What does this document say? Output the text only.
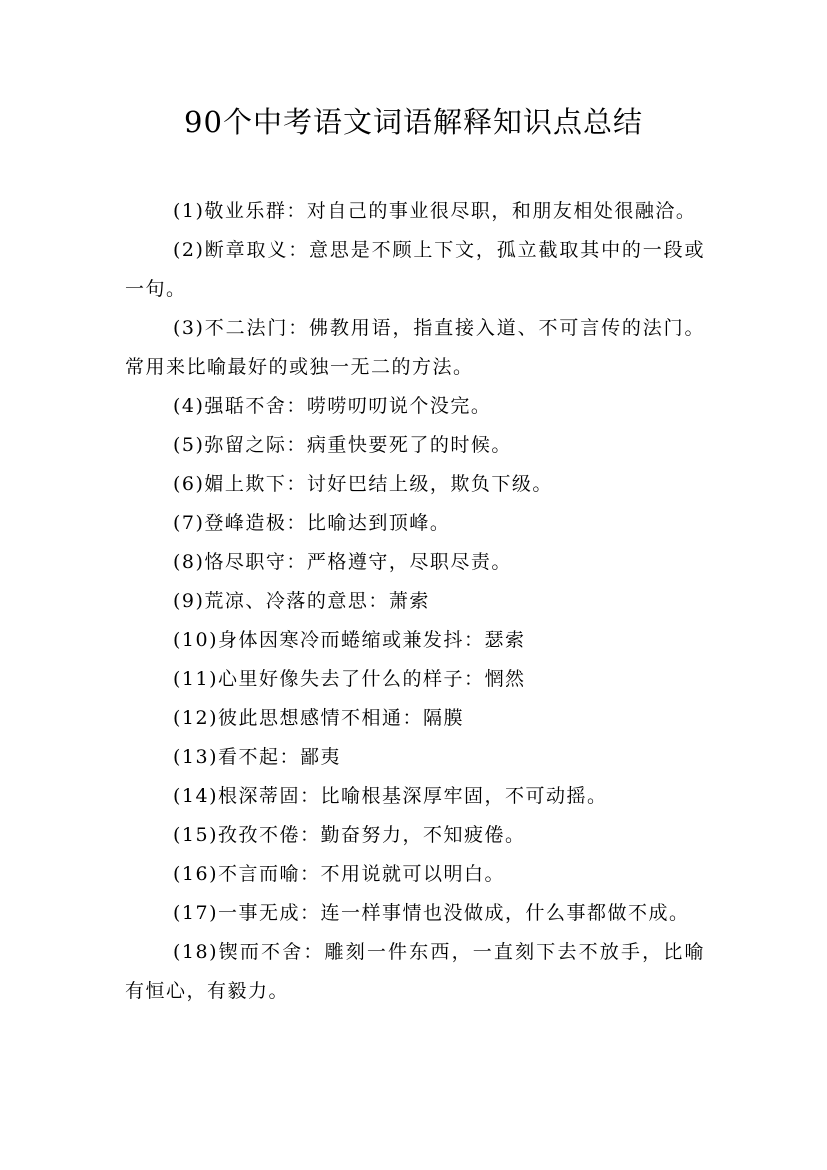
90个中考语文词语解释知识点总结
(1)敬业乐群：对自己的事业很尽职，和朋友相处很融洽。
(2)断章取义：意思是不顾上下文，孤立截取其中的一段或一句。
(3)不二法门：佛教用语，指直接入道、不可言传的法门。常用来比喻最好的或独一无二的方法。
(4)强聒不舍：唠唠叨叨说个没完。
(5)弥留之际：病重快要死了的时候。
(6)媚上欺下：讨好巴结上级，欺负下级。
(7)登峰造极：比喻达到顶峰。
(8)恪尽职守：严格遵守，尽职尽责。
(9)荒凉、冷落的意思：萧索
(10)身体因寒冷而蜷缩或兼发抖：瑟索
(11)心里好像失去了什么的样子：惘然
(12)彼此思想感情不相通：隔膜
(13)看不起：鄙夷
(14)根深蒂固：比喻根基深厚牢固，不可动摇。
(15)孜孜不倦：勤奋努力，不知疲倦。
(16)不言而喻：不用说就可以明白。
(17)一事无成：连一样事情也没做成，什么事都做不成。
(18)锲而不舍：雕刻一件东西，一直刻下去不放手，比喻有恒心，有毅力。
